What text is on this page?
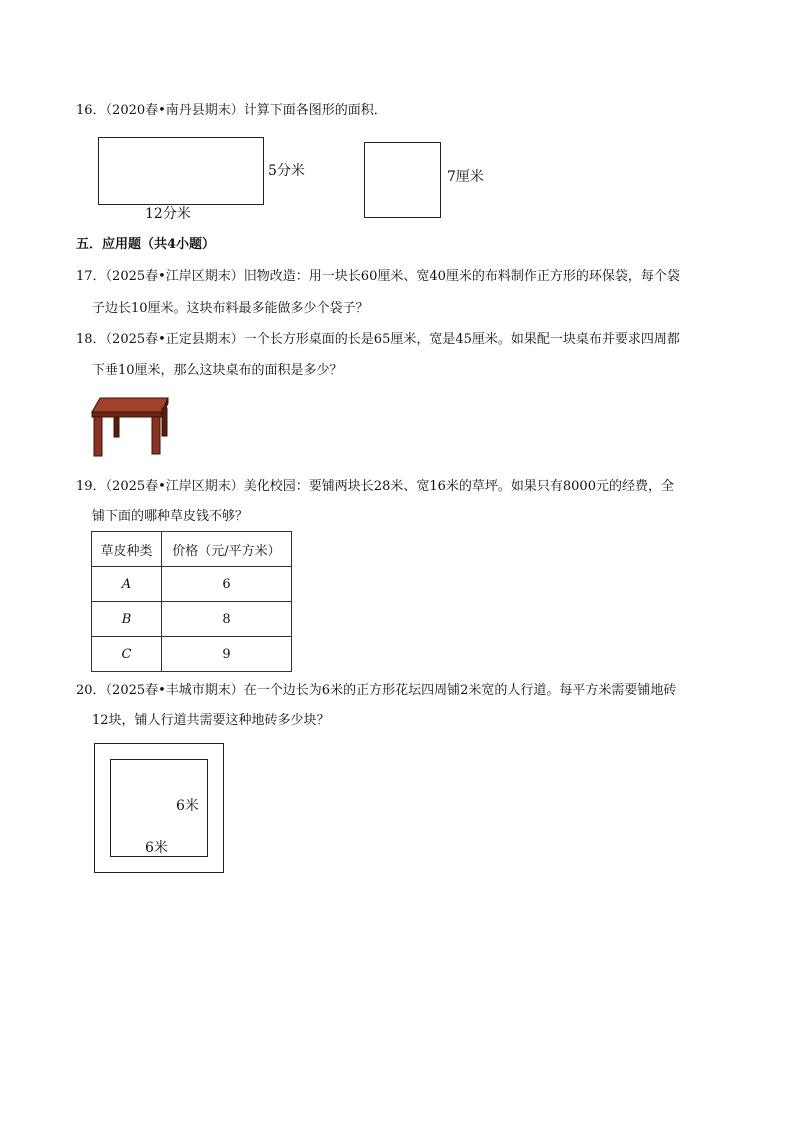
16．（2020春•南丹县期末）计算下面各图形的面积．
5分米
12分米
7厘米
五．应用题（共4小题）
17．（2025春•江岸区期末）旧物改造：用一块长60厘米、宽40厘米的布料制作正方形的环保袋，每个袋
子边长10厘米。这块布料最多能做多少个袋子？
18．（2025春•正定县期末）一个长方形桌面的长是65厘米，宽是45厘米。如果配一块桌布并要求四周都
下垂10厘米，那么这块桌布的面积是多少？
19．（2025春•江岸区期末）美化校园：要铺两块长28米、宽16米的草坪。如果只有8000元的经费，全
铺下面的哪种草皮钱不够？
草皮种类	价格（元/平方米）
A	6
B	8
C	9
20．（2025春•丰城市期末）在一个边长为6米的正方形花坛四周铺2米宽的人行道。每平方米需要铺地砖
12块，铺人行道共需要这种地砖多少块？
6米
6米
